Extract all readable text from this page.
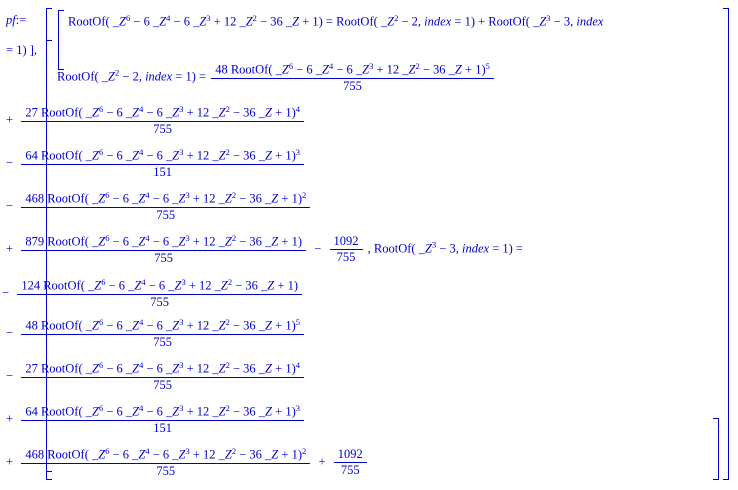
pf:=	RootOf( $\_Z^6 - 6$ $\_Z^4 - 6$ $\_Z^3 + 12$ $\_Z^2 - 36$ _Z + 1) = RootOf( $\_Z^2 - 2$, index = 1) + RootOf( $\_Z^3 - 3$, index
= 1) ],
RootOf( $\_Z^2 - 2$, index = $1) = \frac{48 RootOf( \_Z^6 - 6 \_Z^4 - 6 \_Z^3 + 12 \_Z^2 - 36 \_Z + 1)^5}{755}$
+ $\frac{27 RootOf( \_Z^6 - 6 \_Z^4 - 6 \_Z^3 + 12 \_Z^2 - 36 \_Z + 1)^4}{755}$
− $\frac{64 RootOf( \_Z^6 - 6 \_Z^4 - 6 \_Z^3 + 12 \_Z^2 - 36 \_Z + 1)^3}{151}$
− $\frac{468 RootOf( \_Z^6 - 6 \_Z^4 - 6 \_Z^3 + 12 \_Z^2 - 36 \_Z + 1)^2}{755}$
+ $\frac{879 RootOf( \_Z^6 - 6 \_Z^4 - 6 \_Z^3 + 12 \_Z^2 - 36 \_Z + 1)}{755} - \frac{1092}{755}$ , RootOf( $\_Z^3 - 3$, index = 1) =
− $\frac{124 RootOf( \_Z^6 - 6 \_Z^4 - 6 \_Z^3 + 12 \_Z^2 - 36 \_Z + 1)}{755}$
− $\frac{48 RootOf( \_Z^6 - 6 \_Z^4 - 6 \_Z^3 + 12 \_Z^2 - 36 \_Z + 1)^5}{755}$
− $\frac{27 RootOf( \_Z^6 - 6 \_Z^4 - 6 \_Z^3 + 12 \_Z^2 - 36 \_Z + 1)^4}{755}$
+ $\frac{64 RootOf( \_Z^6 - 6 \_Z^4 - 6 \_Z^3 + 12 \_Z^2 - 36 \_Z + 1)^3}{151}$
+ $\frac{468 RootOf( \_Z^6 - 6 \_Z^4 - 6 \_Z^3 + 12 \_Z^2 - 36 \_Z + 1)^2}{755} + \frac{1092}{755}$
